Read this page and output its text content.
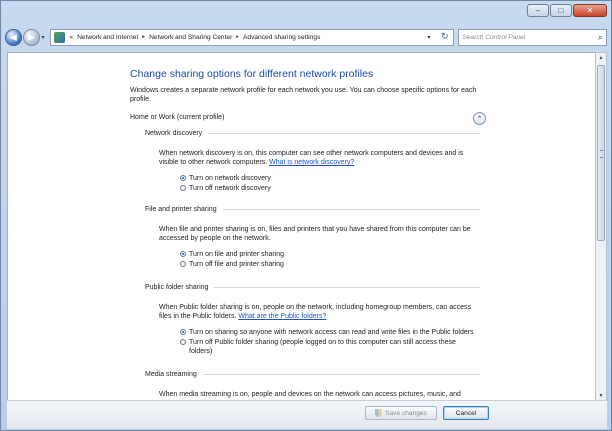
–	□	✕
◀	▶	▾	« Network and Internet ▸ Network and Sharing Center ▸ Advanced sharing settings	▾ ↻ Search Control Panel	⌕
Change sharing options for different network profiles
Windows creates a separate network profile for each network you use. You can choose specific options for each profile.
Home or Work (current profile)	⌃
Network discovery
When network discovery is on, this computer can see other network computers and devices and is visible to other network computers. What is network discovery?
Turn on network discovery
Turn off network discovery
File and printer sharing
When file and printer sharing is on, files and printers that you have shared from this computer can be accessed by people on the network.
Turn on file and printer sharing
Turn off file and printer sharing
Public folder sharing
When Public folder sharing is on, people on the network, including homegroup members, can access files in the Public folders. What are the Public folders?
Turn on sharing so anyone with network access can read and write files in the Public folders
Turn off Public folder sharing (people logged on to this computer can still access these folders)
Media streaming
When media streaming is on, people and devices on the network can access pictures, music, and
▲
▼
Save changes	Cancel
